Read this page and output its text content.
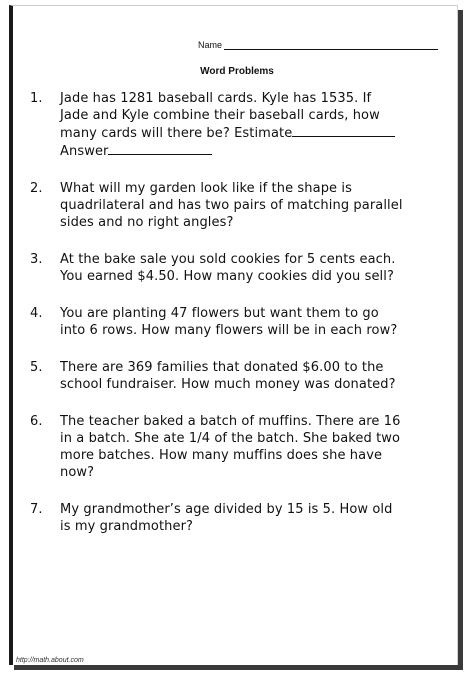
Name
Word Problems
1.	Jade has 1281 baseball cards. Kyle has 1535. If
Jade and Kyle combine their baseball cards, how
many cards will there be? Estimate
Answer
2.	What will my garden look like if the shape is
quadrilateral and has two pairs of matching parallel
sides and no right angles?
3.	At the bake sale you sold cookies for 5 cents each.
You earned $4.50. How many cookies did you sell?
4.	You are planting 47 flowers but want them to go
into 6 rows. How many flowers will be in each row?
5.	There are 369 families that donated $6.00 to the
school fundraiser. How much money was donated?
6.	The teacher baked a batch of muffins. There are 16
in a batch. She ate 1/4 of the batch. She baked two
more batches. How many muffins does she have
now?
7.	My grandmother’s age divided by 15 is 5. How old
is my grandmother?
http://math.about.com
